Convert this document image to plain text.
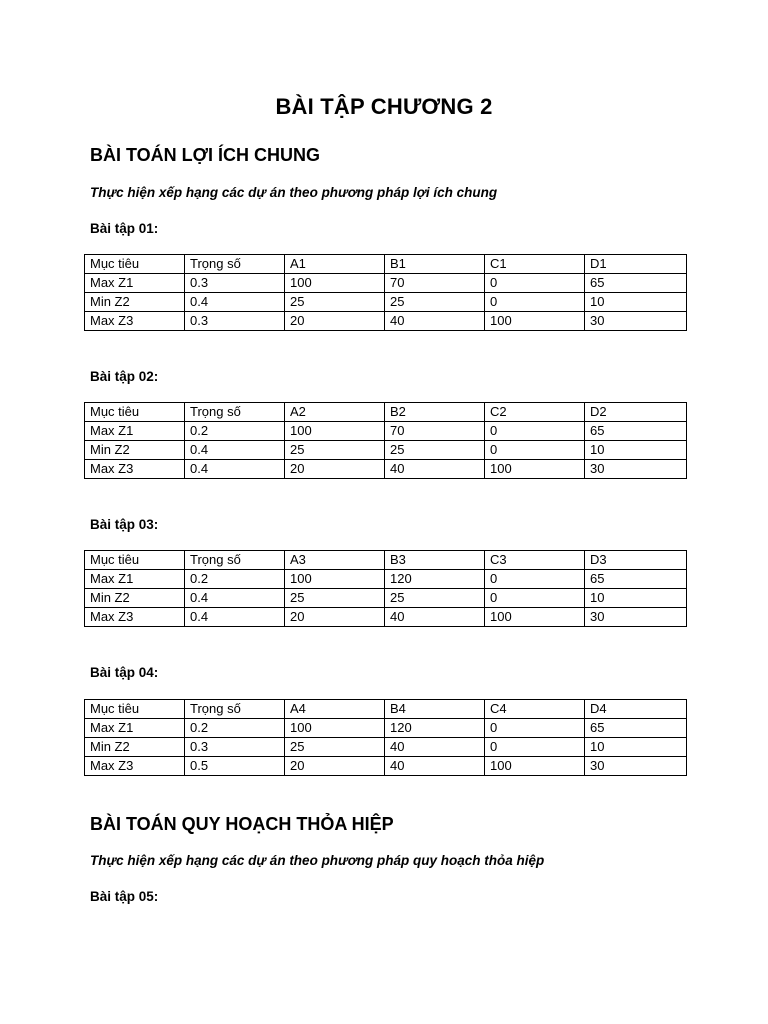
BÀI TẬP CHƯƠNG 2
BÀI TOÁN LỢI ÍCH CHUNG
Thực hiện xếp hạng các dự án theo phương pháp lợi ích chung
Bài tập 01:
Mục tiêu	Trọng số	A1	B1	C1	D1
Max Z1	0.3	100	70	0	65
Min Z2	0.4	25	25	0	10
Max Z3	0.3	20	40	100	30
Bài tập 02:
Mục tiêu	Trọng số	A2	B2	C2	D2
Max Z1	0.2	100	70	0	65
Min Z2	0.4	25	25	0	10
Max Z3	0.4	20	40	100	30
Bài tập 03:
Mục tiêu	Trọng số	A3	B3	C3	D3
Max Z1	0.2	100	120	0	65
Min Z2	0.4	25	25	0	10
Max Z3	0.4	20	40	100	30
Bài tập 04:
Mục tiêu	Trọng số	A4	B4	C4	D4
Max Z1	0.2	100	120	0	65
Min Z2	0.3	25	40	0	10
Max Z3	0.5	20	40	100	30
BÀI TOÁN QUY HOẠCH THỎA HIỆP
Thực hiện xếp hạng các dự án theo phương pháp quy hoạch thỏa hiệp
Bài tập 05:
